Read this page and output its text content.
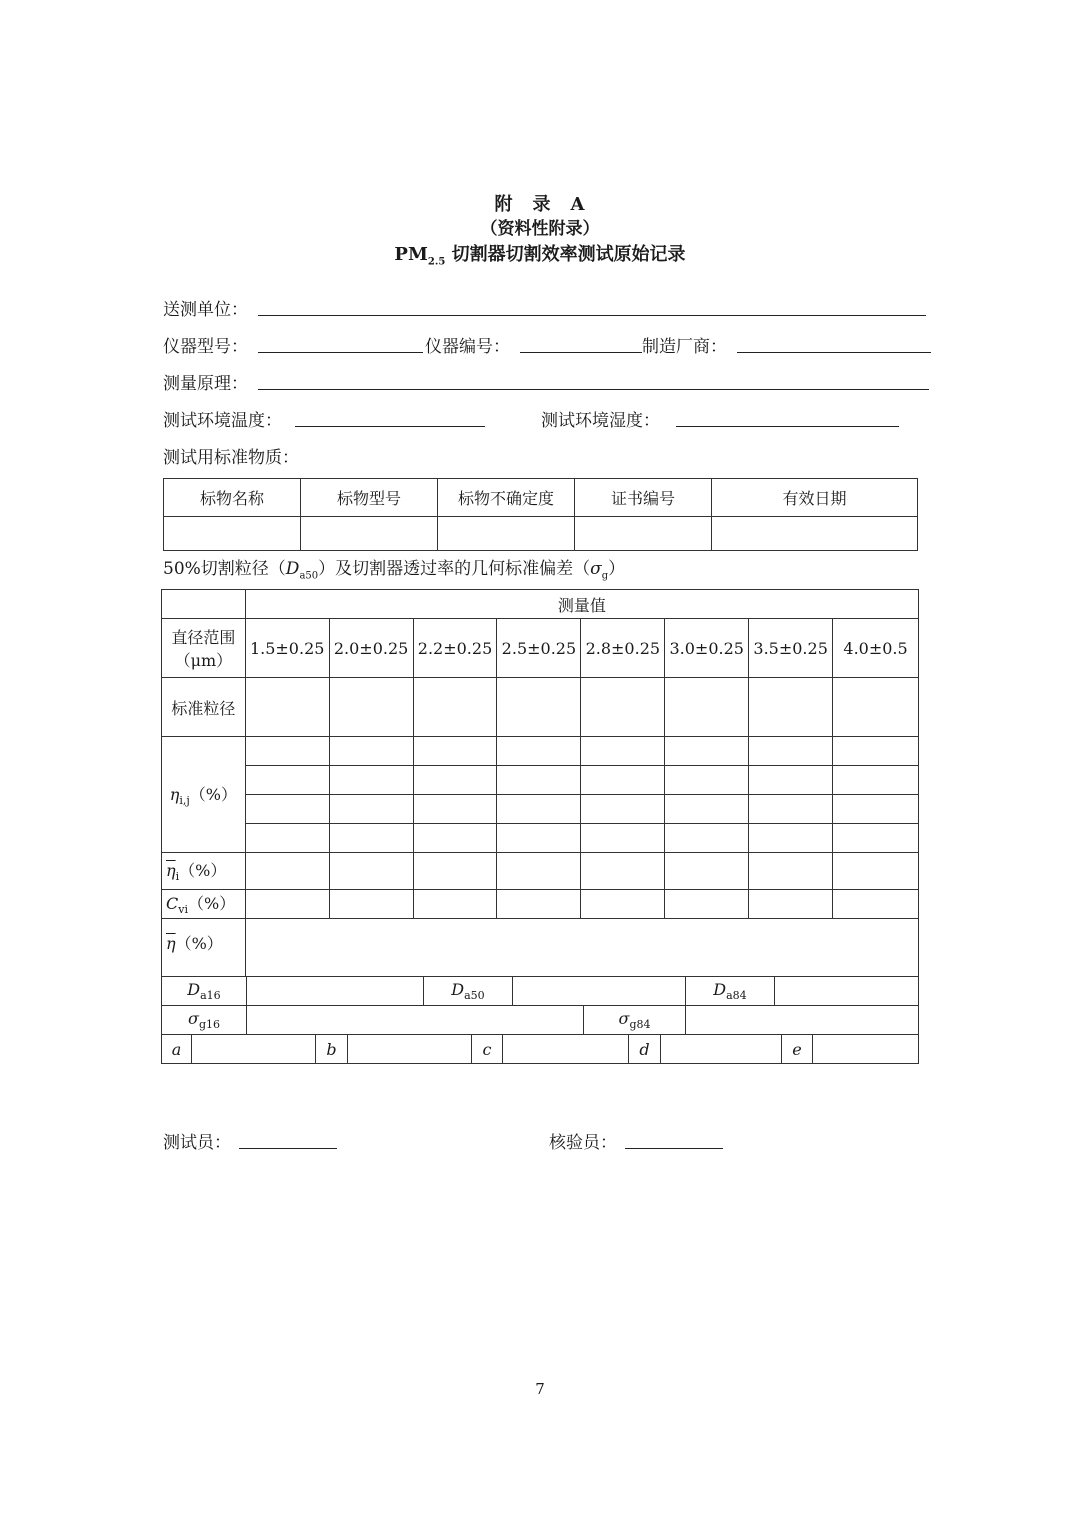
附　录　A
（资料性附录）
$PM_{2.5}$ 切割器切割效率测试原始记录
送测单位：
仪器型号：	仪器编号：	制造厂商：
测量原理：
测试环境温度：	测试环境湿度：
测试用标准物质：
标物名称	标物型号	标物不确定度	证书编号	有效日期

50%切割粒径$(D_{a50})$及切割器透过率的几何标准偏差$(\sigma_g)$
	测量值							
直径范围（μm）	1.5±0.25	2.0±0.25	2.2±0.25	2.5±0.25	2.8±0.25	3.0±0.25	3.5±0.25	4.0±0.5
标准粒径								
$\eta_{i,j}(\%)$								

$\overline{\eta}_i(\%)$								
$C_{vi}(\%)$								
$\overline{\eta}(\%)$								
$D_{a16}$		$D_{a50}$		$D_{a84}$	
$\sigma_{g16}$		$\sigma_{g84}$	
a		b		c		d		e	
测试员：	核验员：
7
